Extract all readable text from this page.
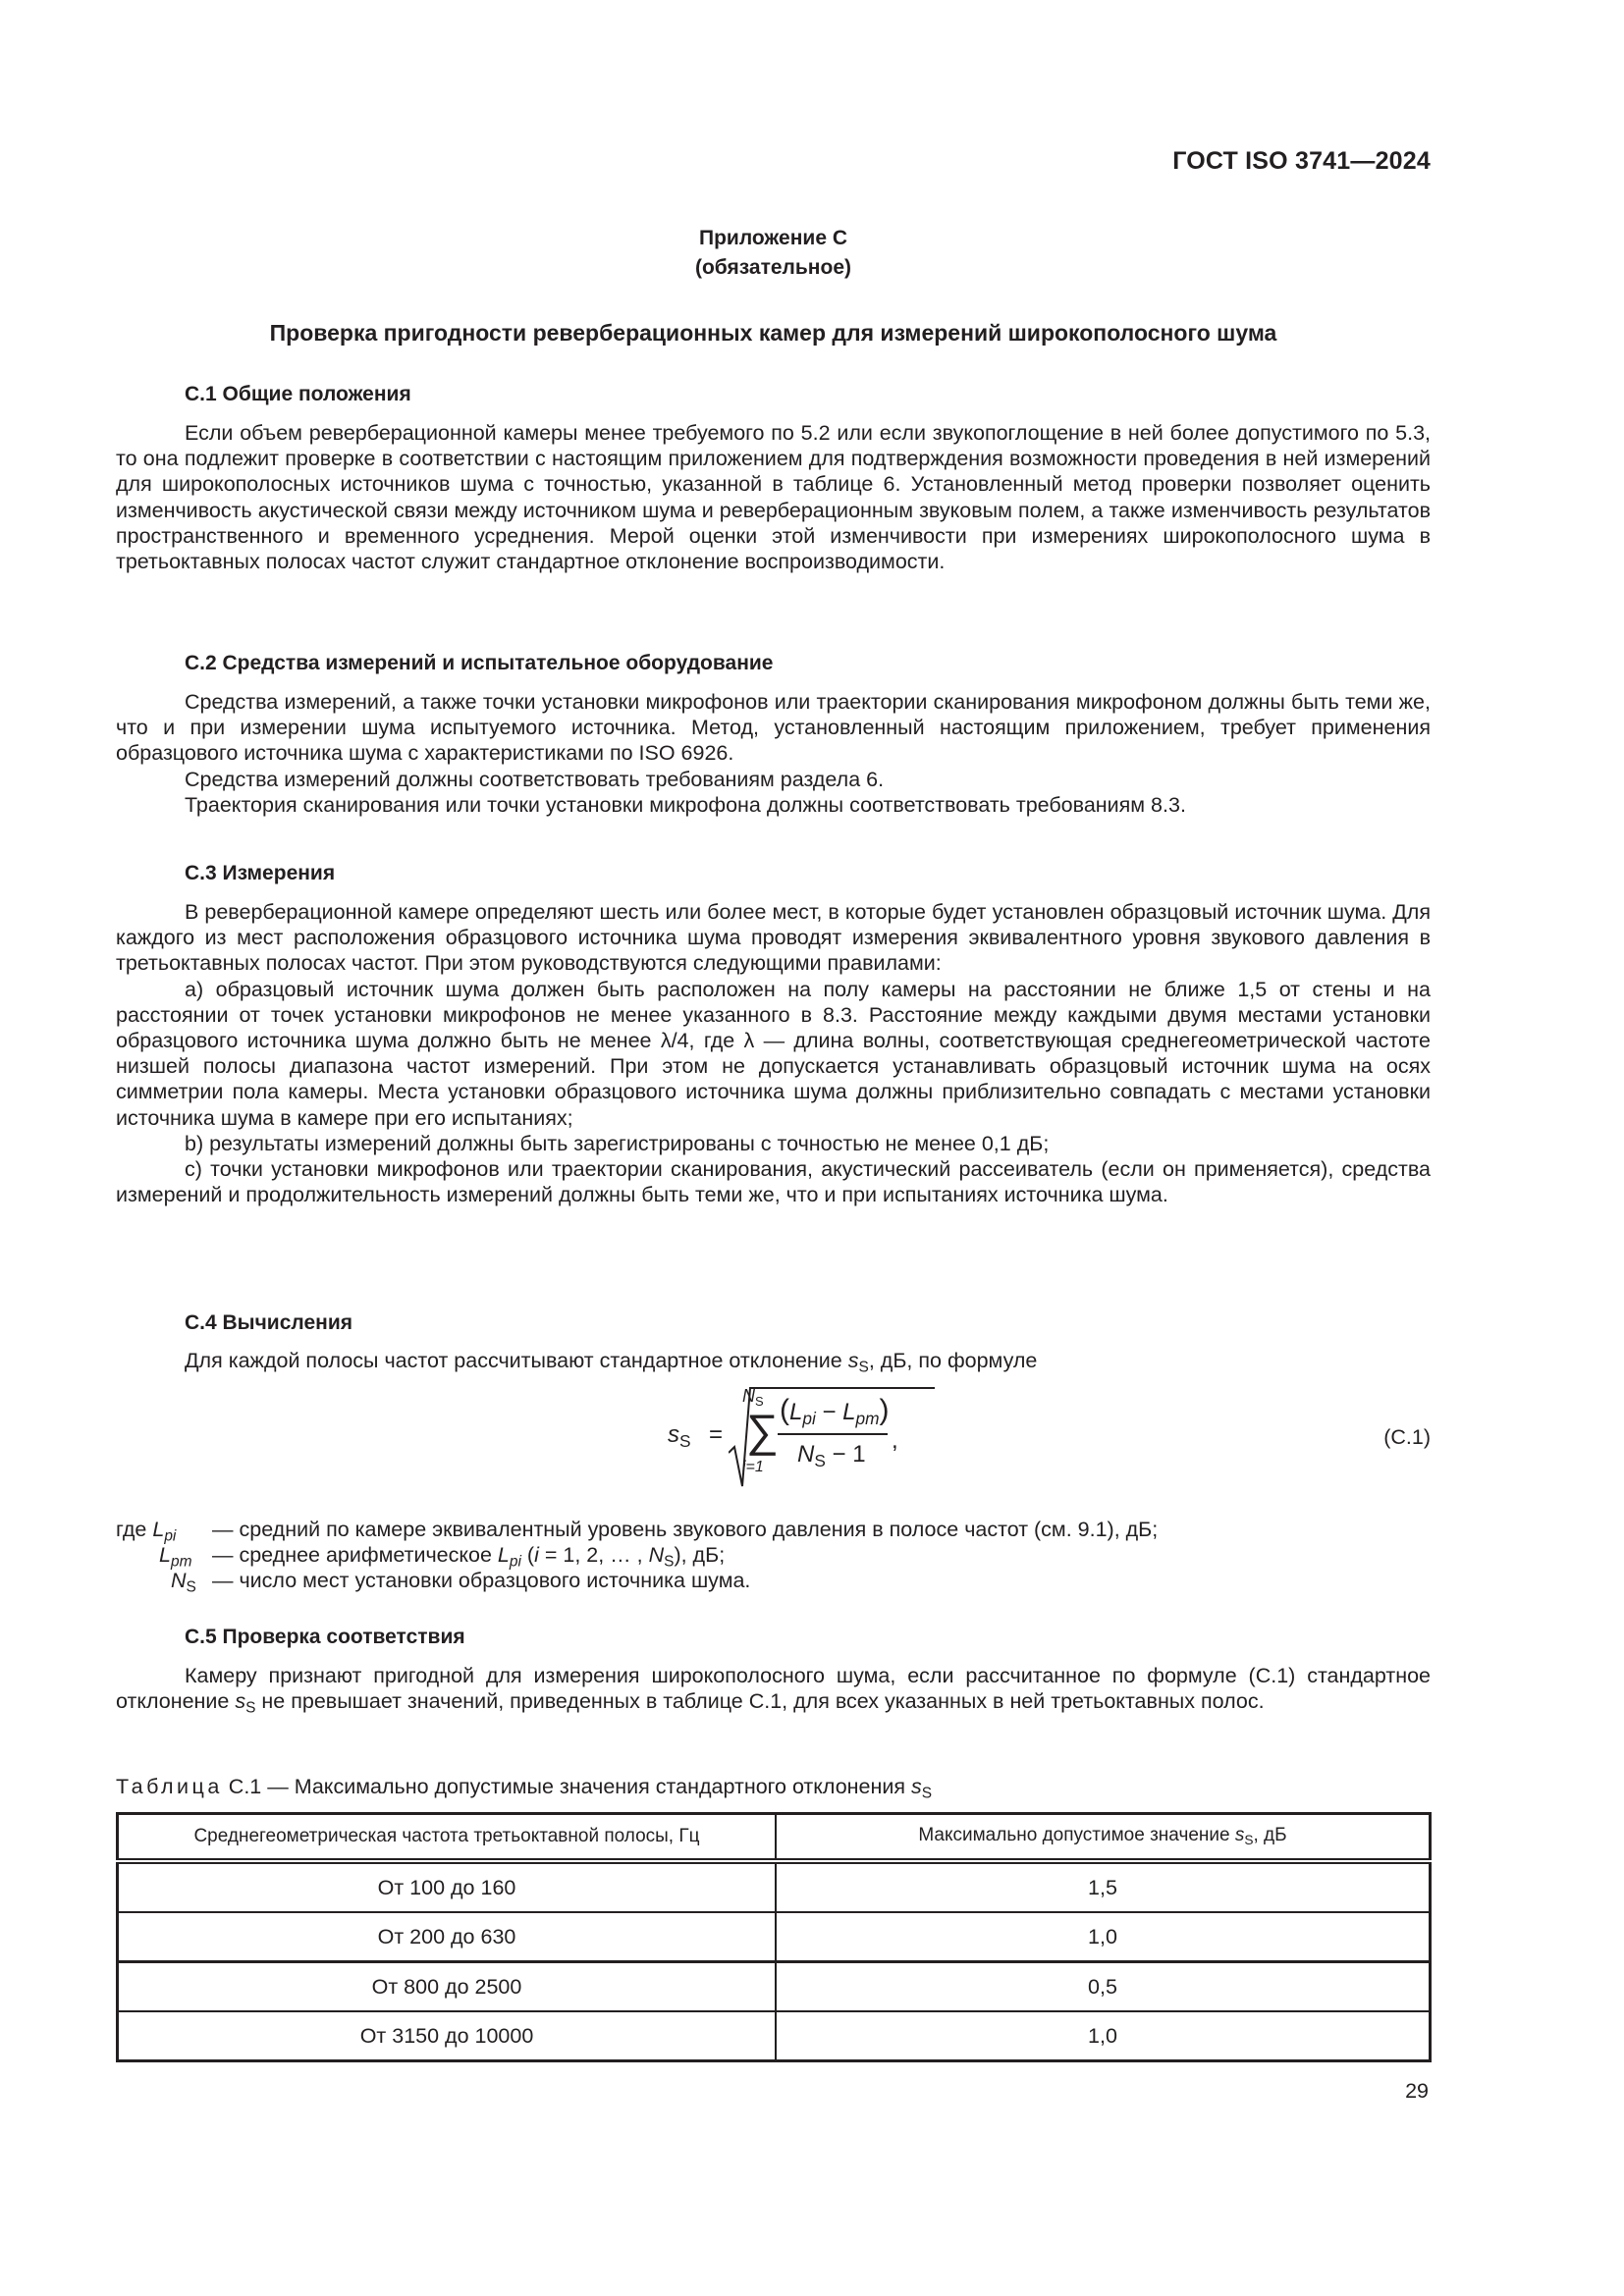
ГОСТ ISO 3741—2024
Приложение С
(обязательное)
Проверка пригодности реверберационных камер для измерений широкополосного шума
С.1 Общие положения

Если объем реверберационной камеры менее требуемого по 5.2 или если звукопоглощение в ней более допустимого по 5.3, то она подлежит проверке в соответствии с настоящим приложением для подтверждения возможности проведения в ней измерений для широкополосных источников шума с точностью, указанной в таблице 6. Установленный метод проверки позволяет оценить изменчивость акустической связи между источником шума и реверберационным звуковым полем, а также изменчивость результатов пространственного и временного усреднения. Мерой оценки этой изменчивости при измерениях широкополосного шума в третьоктавных полосах частот служит стандартное отклонение воспроизводимости.

С.2 Средства измерений и испытательное оборудование

Средства измерений, а также точки установки микрофонов или траектории сканирования микрофоном должны быть теми же, что и при измерении шума испытуемого источника. Метод, установленный настоящим приложением, требует применения образцового источника шума с характеристиками по ISO 6926.

Средства измерений должны соответствовать требованиям раздела 6.

Траектория сканирования или точки установки микрофона должны соответствовать требованиям 8.3.

С.3 Измерения

В реверберационной камере определяют шесть или более мест, в которые будет установлен образцовый источник шума. Для каждого из мест расположения образцового источника шума проводят измерения эквивалентного уровня звукового давления в третьоктавных полосах частот. При этом руководствуются следующими правилами:

a) образцовый источник шума должен быть расположен на полу камеры на расстоянии не ближе 1,5 от стены и на расстоянии от точек установки микрофонов не менее указанного в 8.3. Расстояние между каждыми двумя местами установки образцового источника шума должно быть не менее λ/4, где λ — длина волны, соответствующая среднегеометрической частоте низшей полосы диапазона частот измерений. При этом не допускается устанавливать образцовый источник шума на осях симметрии пола камеры. Места установки образцового источника шума должны приблизительно совпадать с местами установки источника шума в камере при его испытаниях;

b) результаты измерений должны быть зарегистрированы с точностью не менее 0,1 дБ;

c) точки установки микрофонов или траектории сканирования, акустический рассеиватель (если он применяется), средства измерений и продолжительность измерений должны быть теми же, что и при испытаниях источника шума.

С.4 Вычисления
Для каждой полосы частот рассчитывают стандартное отклонение $s_S$, дБ, по формуле
$s_S$ =
$N_S$
∑
i=1
$(L_{pi} - L_{pm})$
$N_S - 1$
,	(С.1)
где $L_{pi}$ — средний по камере эквивалентный уровень звукового давления в полосе частот (см. 9.1), дБ;
$L_{pm}$ — среднее арифметическое $L_{pi}$ (i = 1, 2, … , $N_S$), дБ;
$N_S$ — число мест установки образцового источника шума.
С.5 Проверка соответствия

Камеру признают пригодной для измерения широкополосного шума, если рассчитанное по формуле (С.1) стандартное отклонение $s_S$ не превышает значений, приведенных в таблице С.1, для всех указанных в ней третьоктавных полос.

Таблица С.1 — Максимально допустимые значения стандартного отклонения $s_S$
Среднегеометрическая частота третьоктавной полосы, Гц	Максимально допустимое значение $s_S$, дБ
От 100 до 160	1,5
От 200 до 630	1,0
От 800 до 2500	0,5
От 3150 до 10000	1,0
29
